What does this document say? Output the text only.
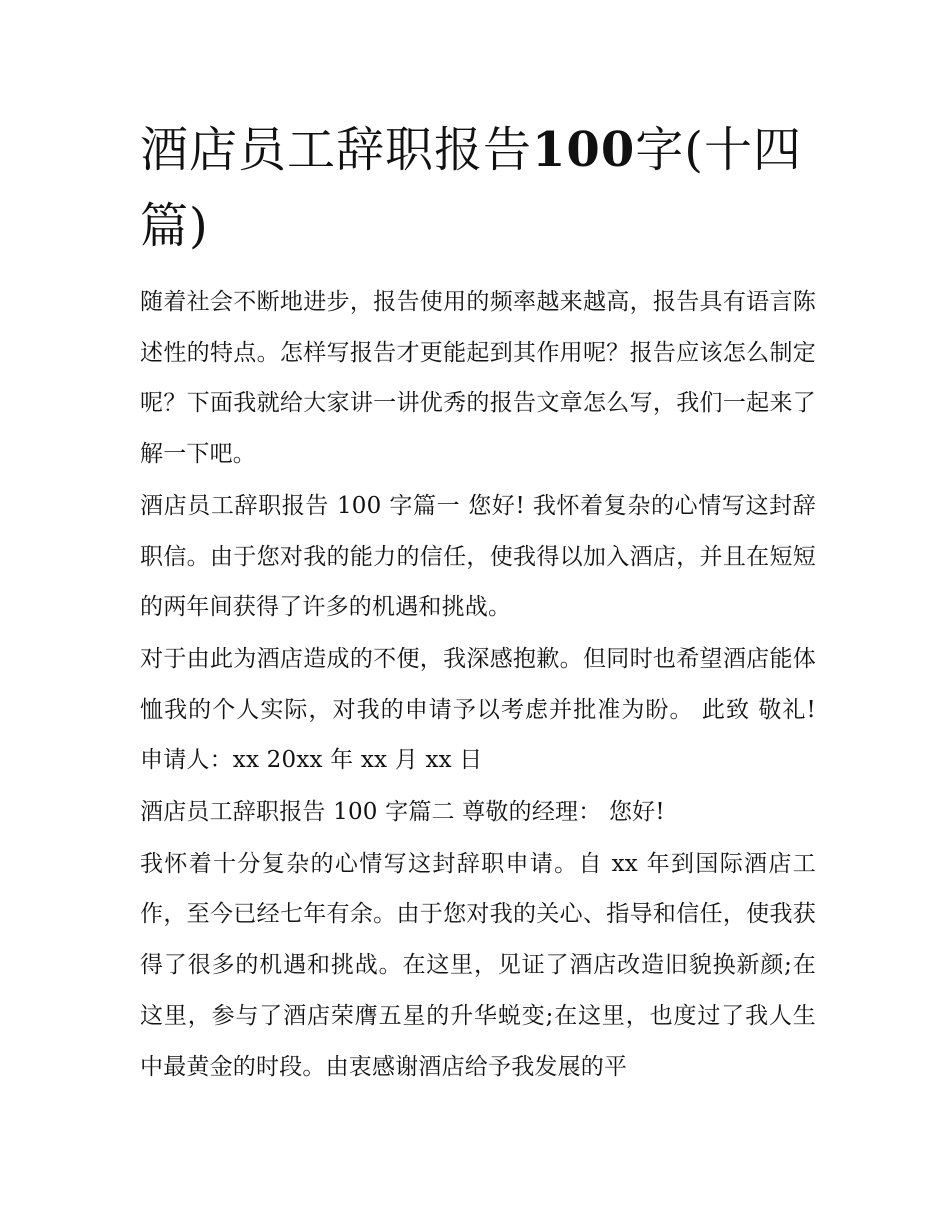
酒店员工辞职报告100字(十四篇)

随着社会不断地进步，报告使用的频率越来越高，报告具有语言陈述性的特点。怎样写报告才更能起到其作用呢？报告应该怎么制定呢？下面我就给大家讲一讲优秀的报告文章怎么写，我们一起来了解一下吧。

酒店员工辞职报告 100 字篇一 您好! 我怀着复杂的心情写这封辞职信。由于您对我的能力的信任，使我得以加入酒店，并且在短短的两年间获得了许多的机遇和挑战。

对于由此为酒店造成的不便，我深感抱歉。但同时也希望酒店能体恤我的个人实际，对我的申请予以考虑并批准为盼。 此致 敬礼! 申请人：xx 20xx 年 xx 月 xx 日

酒店员工辞职报告 100 字篇二 尊敬的经理： 您好!

我怀着十分复杂的心情写这封辞职申请。自 xx 年到国际酒店工作，至今已经七年有余。由于您对我的关心、指导和信任，使我获得了很多的机遇和挑战。在这里，见证了酒店改造旧貌换新颜;在这里，参与了酒店荣膺五星的升华蜕变;在这里，也度过了我人生中最黄金的时段。由衷感谢酒店给予我发展的平
